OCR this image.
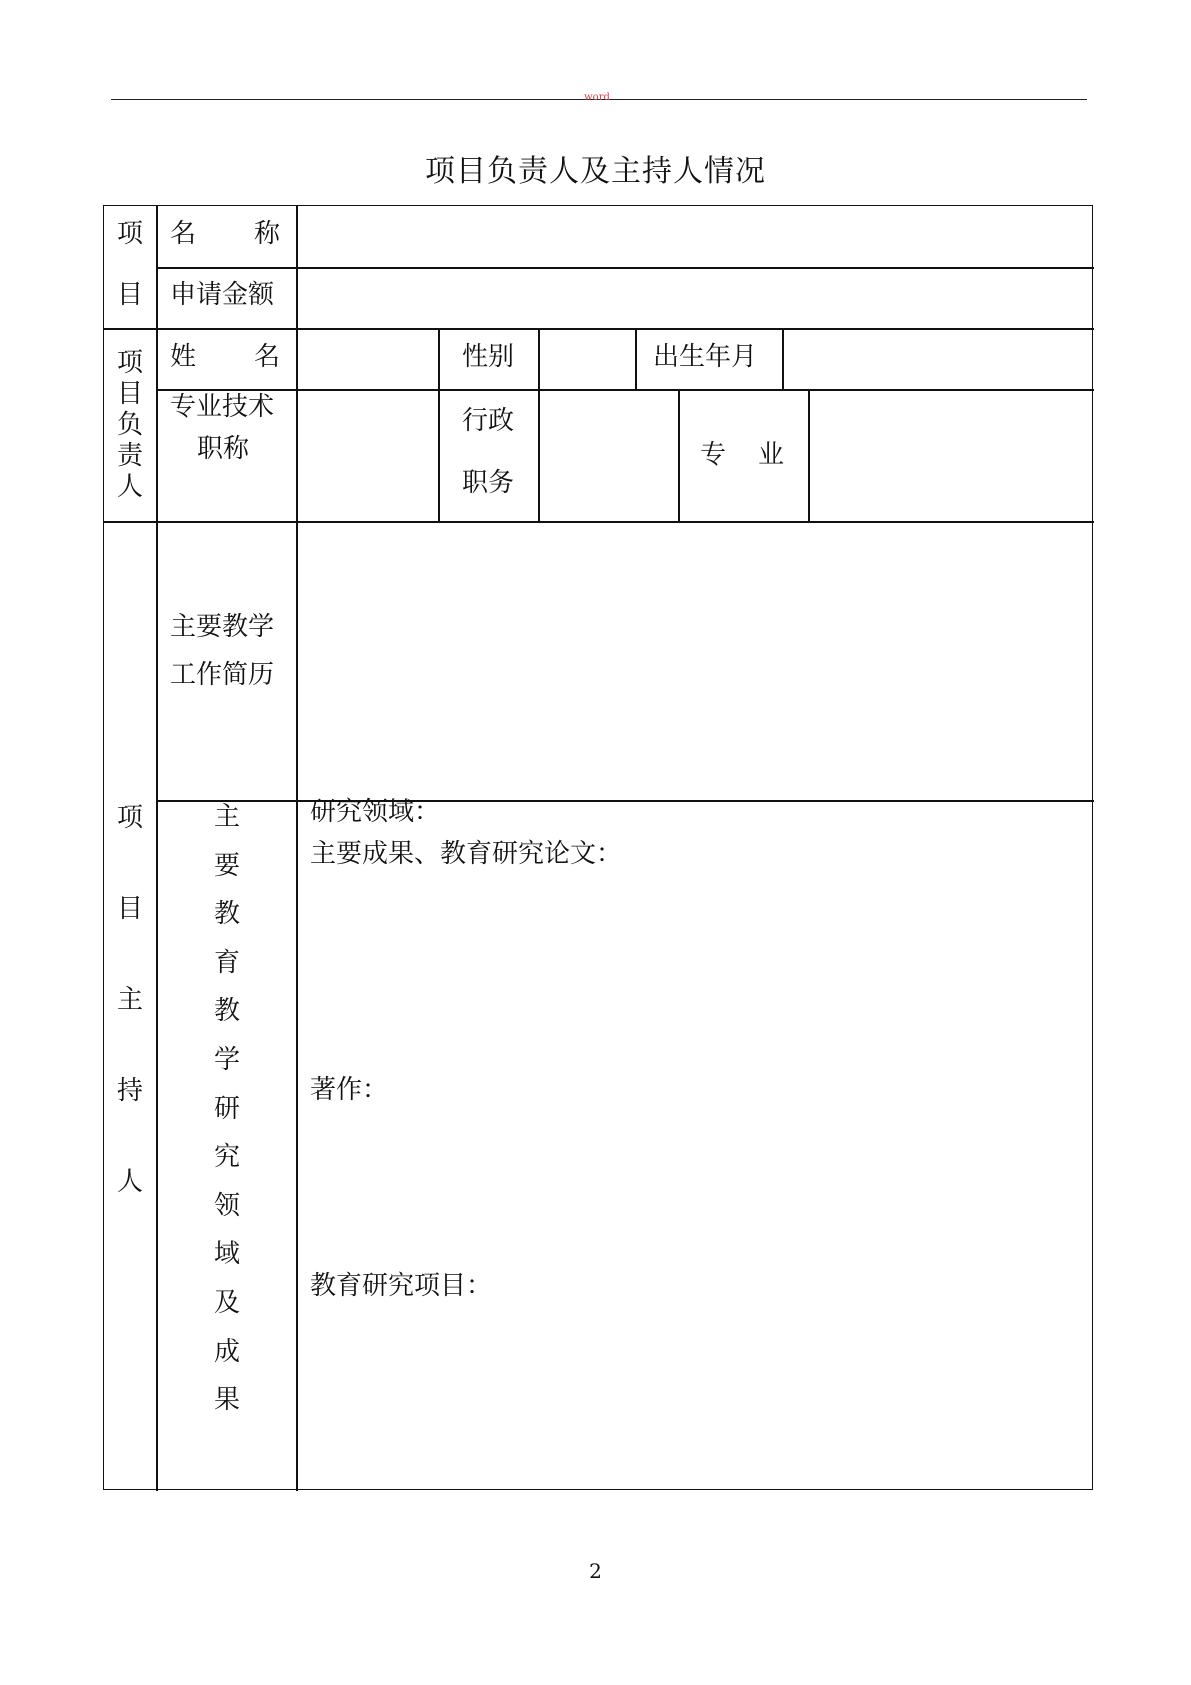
word
项目负责人及主持人情况
项
目
名 称
申请金额
项
目
负
责
人
姓 名	性别	出生年月
专业技术
职称
行政
职务
专 业
项
目
主
持
人
主要教学
工作简历
主
要
教
育
教
学
研
究
领
域
及
成
果
研究领域：
主要成果、教育研究论文：
著作：
教育研究项目：
2
